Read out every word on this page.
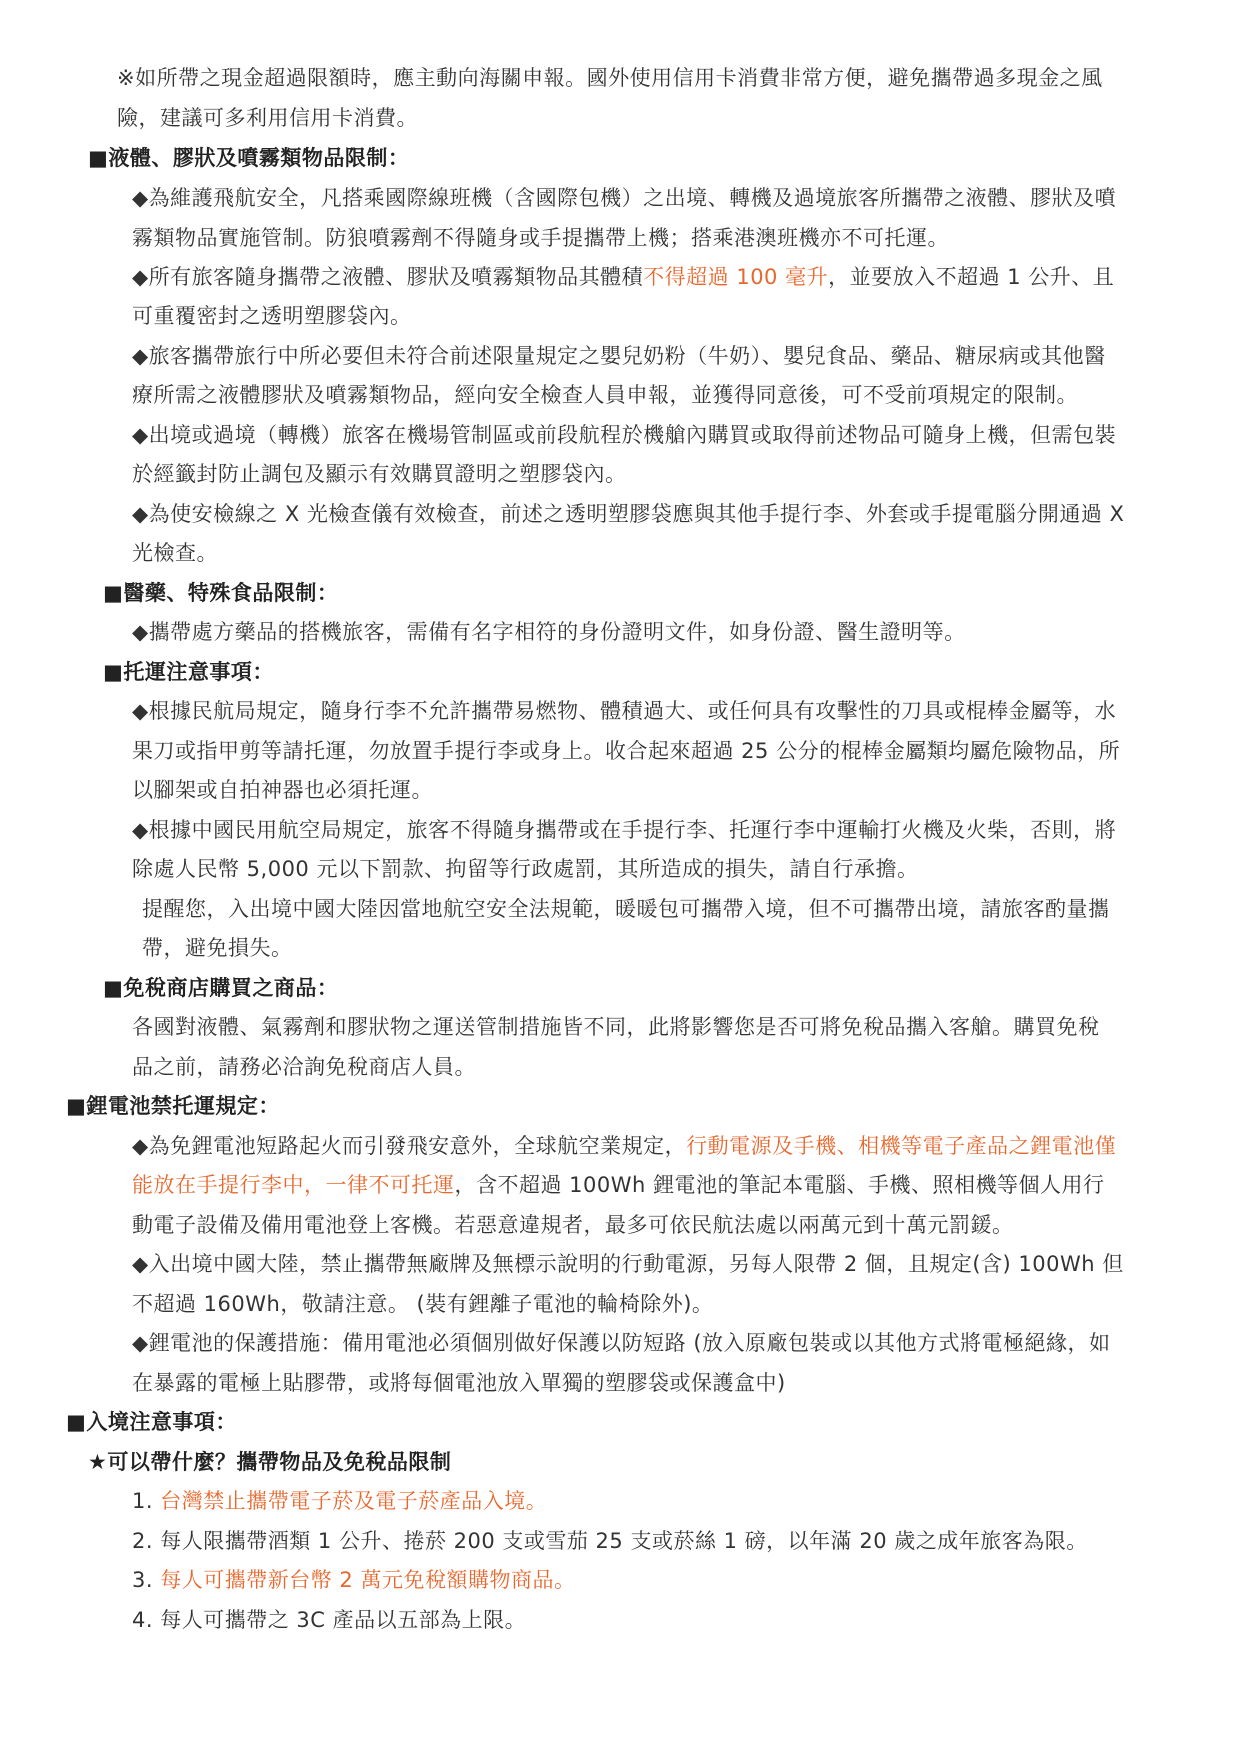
※如所帶之現金超過限額時，應主動向海關申報。國外使用信用卡消費非常方便，避免攜帶過多現金之風
險，建議可多利用信用卡消費。
■液體、膠狀及噴霧類物品限制：
◆為維護飛航安全，凡搭乘國際線班機（含國際包機）之出境、轉機及過境旅客所攜帶之液體、膠狀及噴
霧類物品實施管制。防狼噴霧劑不得隨身或手提攜帶上機；搭乘港澳班機亦不可托運。
◆所有旅客隨身攜帶之液體、膠狀及噴霧類物品其體積不得超過 100 毫升，並要放入不超過 1 公升、且
可重覆密封之透明塑膠袋內。
◆旅客攜帶旅行中所必要但未符合前述限量規定之嬰兒奶粉（牛奶）、嬰兒食品、藥品、糖尿病或其他醫
療所需之液體膠狀及噴霧類物品，經向安全檢查人員申報，並獲得同意後，可不受前項規定的限制。
◆出境或過境（轉機）旅客在機場管制區或前段航程於機艙內購買或取得前述物品可隨身上機，但需包裝
於經籤封防止調包及顯示有效購買證明之塑膠袋內。
◆為使安檢線之 X 光檢查儀有效檢查，前述之透明塑膠袋應與其他手提行李、外套或手提電腦分開通過 X
光檢查。
■醫藥、特殊食品限制：
◆攜帶處方藥品的搭機旅客，需備有名字相符的身份證明文件，如身份證、醫生證明等。
■托運注意事項：
◆根據民航局規定，隨身行李不允許攜帶易燃物、體積過大、或任何具有攻擊性的刀具或棍棒金屬等，水
果刀或指甲剪等請托運，勿放置手提行李或身上。收合起來超過 25 公分的棍棒金屬類均屬危險物品，所
以腳架或自拍神器也必須托運。
◆根據中國民用航空局規定，旅客不得隨身攜帶或在手提行李、托運行李中運輸打火機及火柴，否則，將
除處人民幣 5,000 元以下罰款、拘留等行政處罰，其所造成的損失，請自行承擔。
提醒您，入出境中國大陸因當地航空安全法規範，暖暖包可攜帶入境，但不可攜帶出境，請旅客酌量攜
帶，避免損失。
■免稅商店購買之商品：
各國對液體、氣霧劑和膠狀物之運送管制措施皆不同，此將影響您是否可將免稅品攜入客艙。購買免稅
品之前，請務必洽詢免稅商店人員。
■鋰電池禁托運規定：
◆為免鋰電池短路起火而引發飛安意外，全球航空業規定，行動電源及手機、相機等電子產品之鋰電池僅
能放在手提行李中，一律不可托運，含不超過 100Wh 鋰電池的筆記本電腦、手機、照相機等個人用行
動電子設備及備用電池登上客機。若惡意違規者，最多可依民航法處以兩萬元到十萬元罰鍰。
◆入出境中國大陸，禁止攜帶無廠牌及無標示說明的行動電源，另每人限帶 2 個，且規定(含) 100Wh 但
不超過 160Wh，敬請注意。 (裝有鋰離子電池的輪椅除外)。
◆鋰電池的保護措施：備用電池必須個別做好保護以防短路 (放入原廠包裝或以其他方式將電極絕緣，如
在暴露的電極上貼膠帶，或將每個電池放入單獨的塑膠袋或保護盒中)
■入境注意事項：
★可以帶什麼？攜帶物品及免稅品限制
1. 台灣禁止攜帶電子菸及電子菸產品入境。
2. 每人限攜帶酒類 1 公升、捲菸 200 支或雪茄 25 支或菸絲 1 磅，以年滿 20 歲之成年旅客為限。
3. 每人可攜帶新台幣 2 萬元免稅額購物商品。
4. 每人可攜帶之 3C 產品以五部為上限。
